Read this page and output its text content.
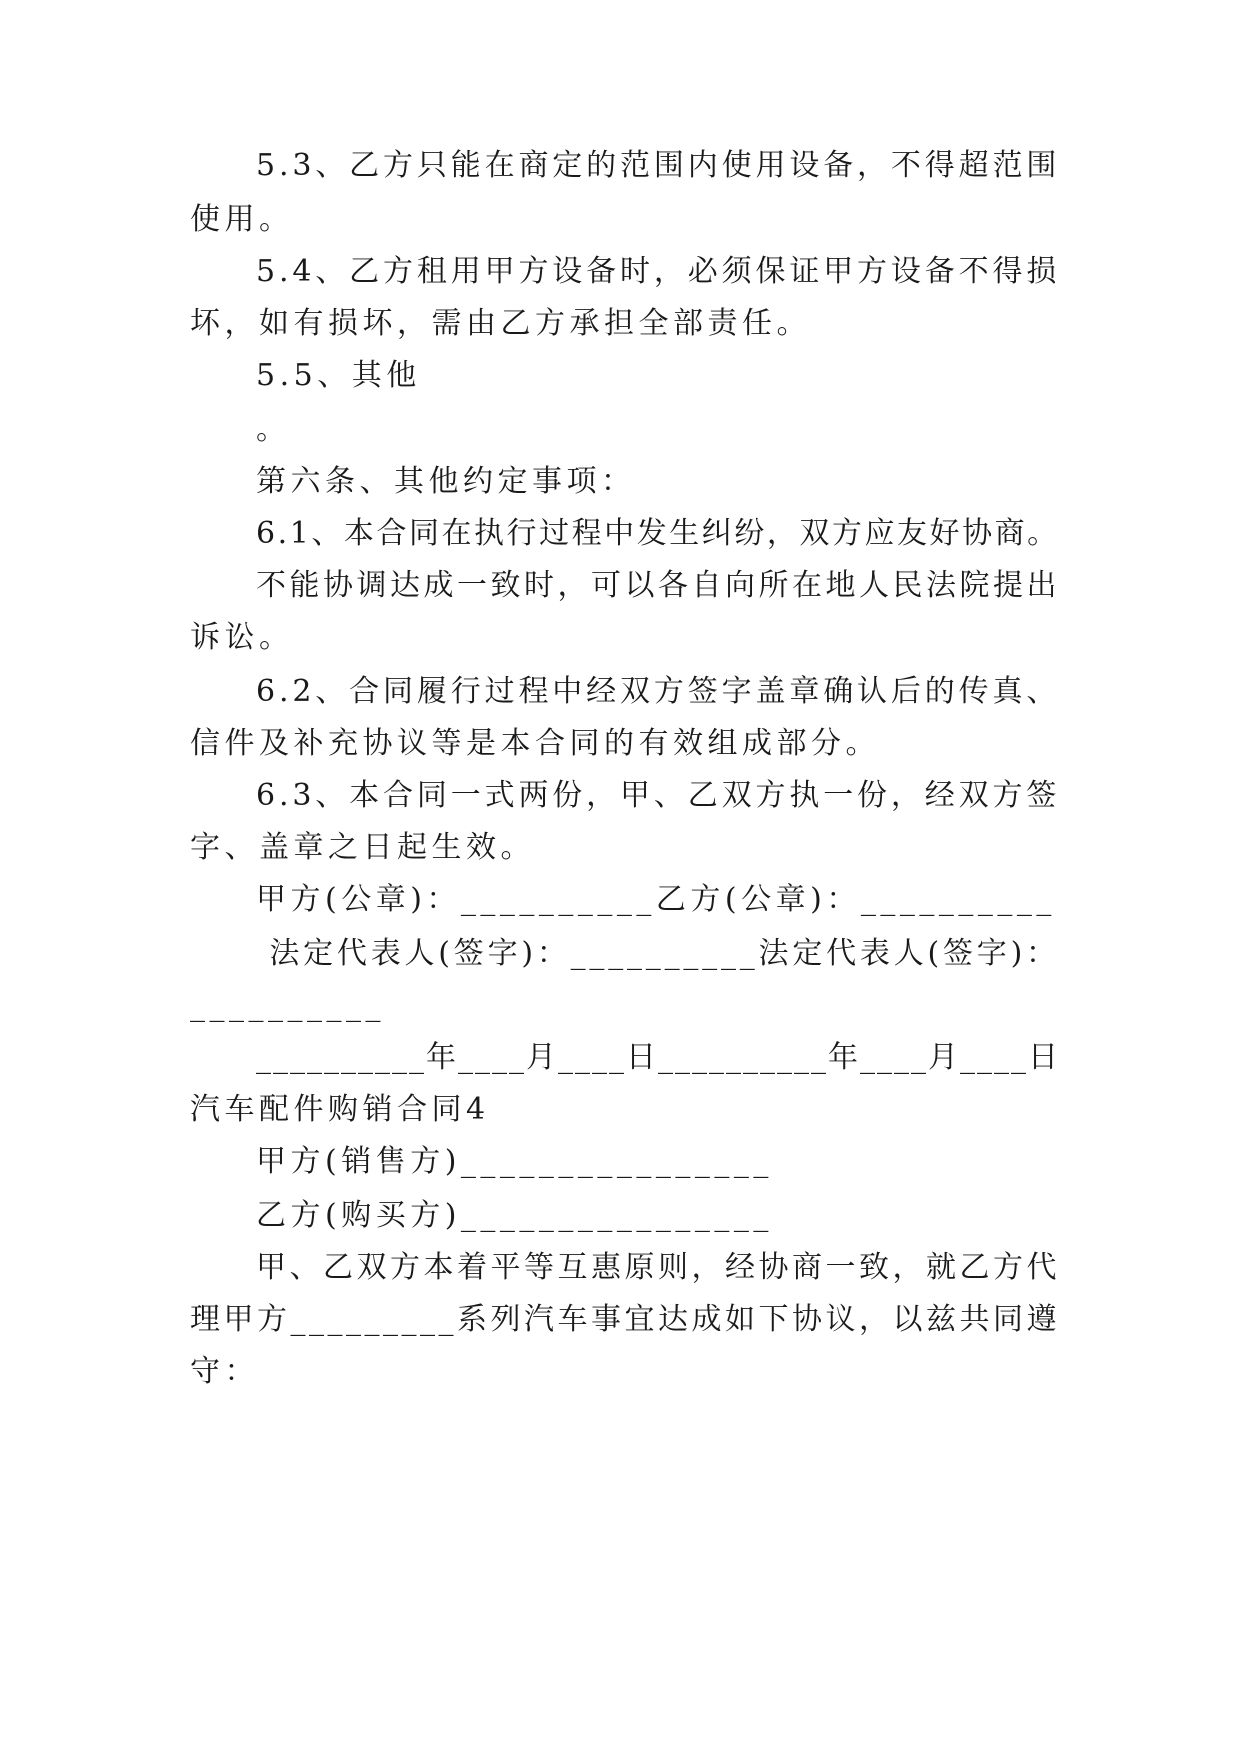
5.3、乙方只能在商定的范围内使用设备，不得超范围
使用。
5.4、乙方租用甲方设备时，必须保证甲方设备不得损
坏，如有损坏，需由乙方承担全部责任。
5.5、其他
。
第六条、其他约定事项：
6.1、本合同在执行过程中发生纠纷，双方应友好协商。
不能协调达成一致时，可以各自向所在地人民法院提出
诉讼。
6.2、合同履行过程中经双方签字盖章确认后的传真、
信件及补充协议等是本合同的有效组成部分。
6.3、本合同一式两份，甲、乙双方执一份，经双方签
字、盖章之日起生效。
甲方(公章)：__________乙方(公章)：__________
法定代表人(签字)：__________法定代表人(签字)：
__________
__________年____月____日__________年____月____日
汽车配件购销合同4
甲方(销售方)________________
乙方(购买方)________________
甲、乙双方本着平等互惠原则，经协商一致，就乙方代
理甲方_________系列汽车事宜达成如下协议，以兹共同遵
守：
